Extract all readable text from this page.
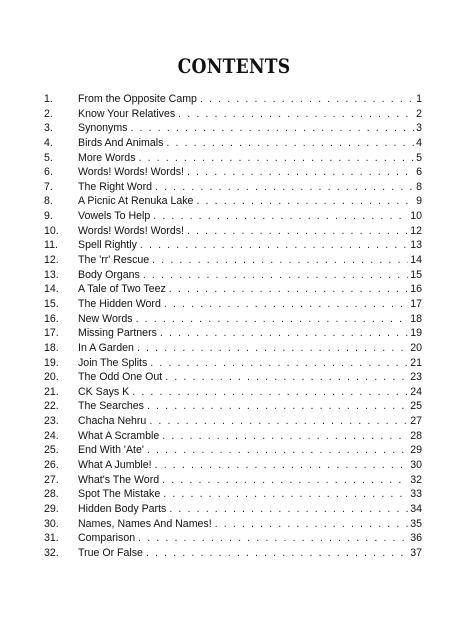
CONTENTS
1.	From the Opposite Camp . . .	1
2.	Know Your Relatives . . .	2
3.	Synonyms . . .	3
4.	Birds And Animals . . .	4
5.	More Words . . .	5
6.	Words! Words! Words! . . .	6
7.	The Right Word . . .	8
8.	A Picnic At Renuka Lake . . .	9
9.	Vowels To Help . . .	10
10.	Words! Words! Words! . . .	12
11.	Spell Rightly . . .	13
12.	The 'rr' Rescue . . .	14
13.	Body Organs . . .	15
14.	A Tale of Two Teez . . .	16
15.	The Hidden Word . . .	17
16.	New Words . . .	18
17.	Missing Partners . . .	19
18.	In A Garden . . .	20
19.	Join The Splits . . .	21
20.	The Odd One Out . . .	23
21.	CK Says K . . .	24
22.	The Searches . . .	25
23.	Chacha Nehru . . .	27
24.	What A Scramble . . .	28
25.	End With 'Ate' . . .	29
26.	What A Jumble! . . .	30
27.	What's The Word . . .	32
28.	Spot The Mistake . . .	33
29.	Hidden Body Parts . . .	34
30.	Names, Names And Names! . . .	35
31.	Comparison . . .	36
32.	True Or False . . .	37
